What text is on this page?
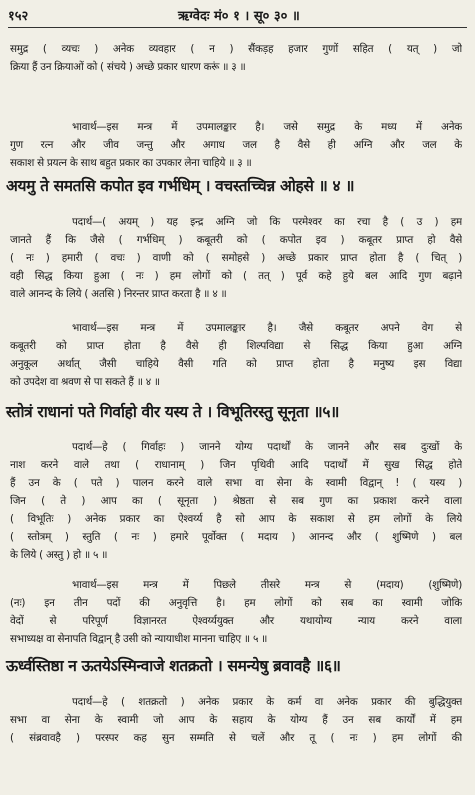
१५२	ऋग्वेदः मं० १ । सू० ३० ॥
समुद्र ( व्यचः ) अनेक व्यवहार ( न ) सैंकड़ह हजार गुणों सहित ( यत् ) जो
क्रिया हैं उन क्रियाओं को ( संचये ) अच्छे प्रकार धारण करूं ॥ ३ ॥
भावार्थ—इस मन्त्र में उपमालङ्कार है। जसे समुद्र के मध्य में अनेक
गुण रत्न और जीव जन्तु और अगाध जल है वैसे ही अग्नि और जल के
सकाश से प्रयत्न के साथ बहुत प्रकार का उपकार लेना चाहिये ॥ ३ ॥
अयमु ते समतसि कपोत इव गर्भधिम् । वचस्तच्चिन्न ओहसे ॥ ४ ॥
पदार्थ—( अयम् ) यह इन्द्र अग्नि जो कि परमेश्वर का रचा है ( उ ) हम
जानते हैं कि जैसे ( गर्भधिम् ) कबूतरी को ( कपोत इव ) कबूतर प्राप्त हो वैसे
( नः ) हमारी ( वचः ) वाणी को ( समोहसे ) अच्छे प्रकार प्राप्त होता है ( चित् )
वही सिद्ध किया हुआ ( नः ) हम लोगों को ( तत् ) पूर्व कहे हुये बल आदि गुण बढ़ाने
वाले आनन्द के लिये ( अतसि ) निरन्तर प्राप्त करता है ॥ ४ ॥
भावार्थ—इस मन्त्र में उपमालङ्कार है। जैसे कबूतर अपने वेग से
कबूतरी को प्राप्त होता है वैसे ही शिल्पविद्या से सिद्ध किया हुआ अग्नि
अनुकूल अर्थात् जैसी चाहिये वैसी गति को प्राप्त होता है मनुष्य इस विद्या
को उपदेश वा श्रवण से पा सकते हैं ॥ ४ ॥
स्तोत्रं राधानां पते गिर्वाहो वीर यस्य ते । विभूतिरस्तु सूनृता ॥५॥
पदार्थ—हे ( गिर्वाहः ) जानने योग्य पदार्थों के जानने और सब दुःखों के
नाश करने वाले तथा ( राधानाम् ) जिन पृथिवी आदि पदार्थों में सुख सिद्ध होते
हैं उन के ( पते ) पालन करने वाले सभा वा सेना के स्वामी विद्वान् ! ( यस्य )
जिन ( ते ) आप का ( सूनृता ) श्रेष्ठता से सब गुण का प्रकाश करने वाला
( विभूतिः ) अनेक प्रकार का ऐश्वर्य्य है सो आप के सकाश से हम लोगों के लिये
( स्तोत्रम् ) स्तुति ( नः ) हमारे पूर्वोक्त ( मदाय ) आनन्द और ( शुष्मिणे ) बल
के लिये ( अस्तु ) हो ॥ ५ ॥
भावार्थ—इस मन्त्र में पिछले तीसरे मन्त्र से (मदाय) (शुष्मिणे)
(नः) इन तीन पदों की अनुवृत्ति है। हम लोगों को सब का स्वामी जोकि
वेदों से परिपूर्ण विज्ञानरत ऐश्वर्य्ययुक्त और यथायोग्य न्याय करने वाला
सभाध्यक्ष वा सेनापति विद्वान् है उसी को न्यायाधीश मानना चाहिए ॥ ५ ॥
ऊर्ध्वस्तिष्ठा न ऊतयेऽस्मिन्वाजे शतक्रतो । समन्येषु ब्रवावहै ॥६॥
पदार्थ—हे ( शतक्रतो ) अनेक प्रकार के कर्म वा अनेक प्रकार की बुद्धियुक्त
सभा वा सेना के स्वामी जो आप के सहाय के योग्य हैं उन सब कार्यों में हम
( संब्रवावहै ) परस्पर कह सुन सम्मति से चलें और तू ( नः ) हम लोगों की
